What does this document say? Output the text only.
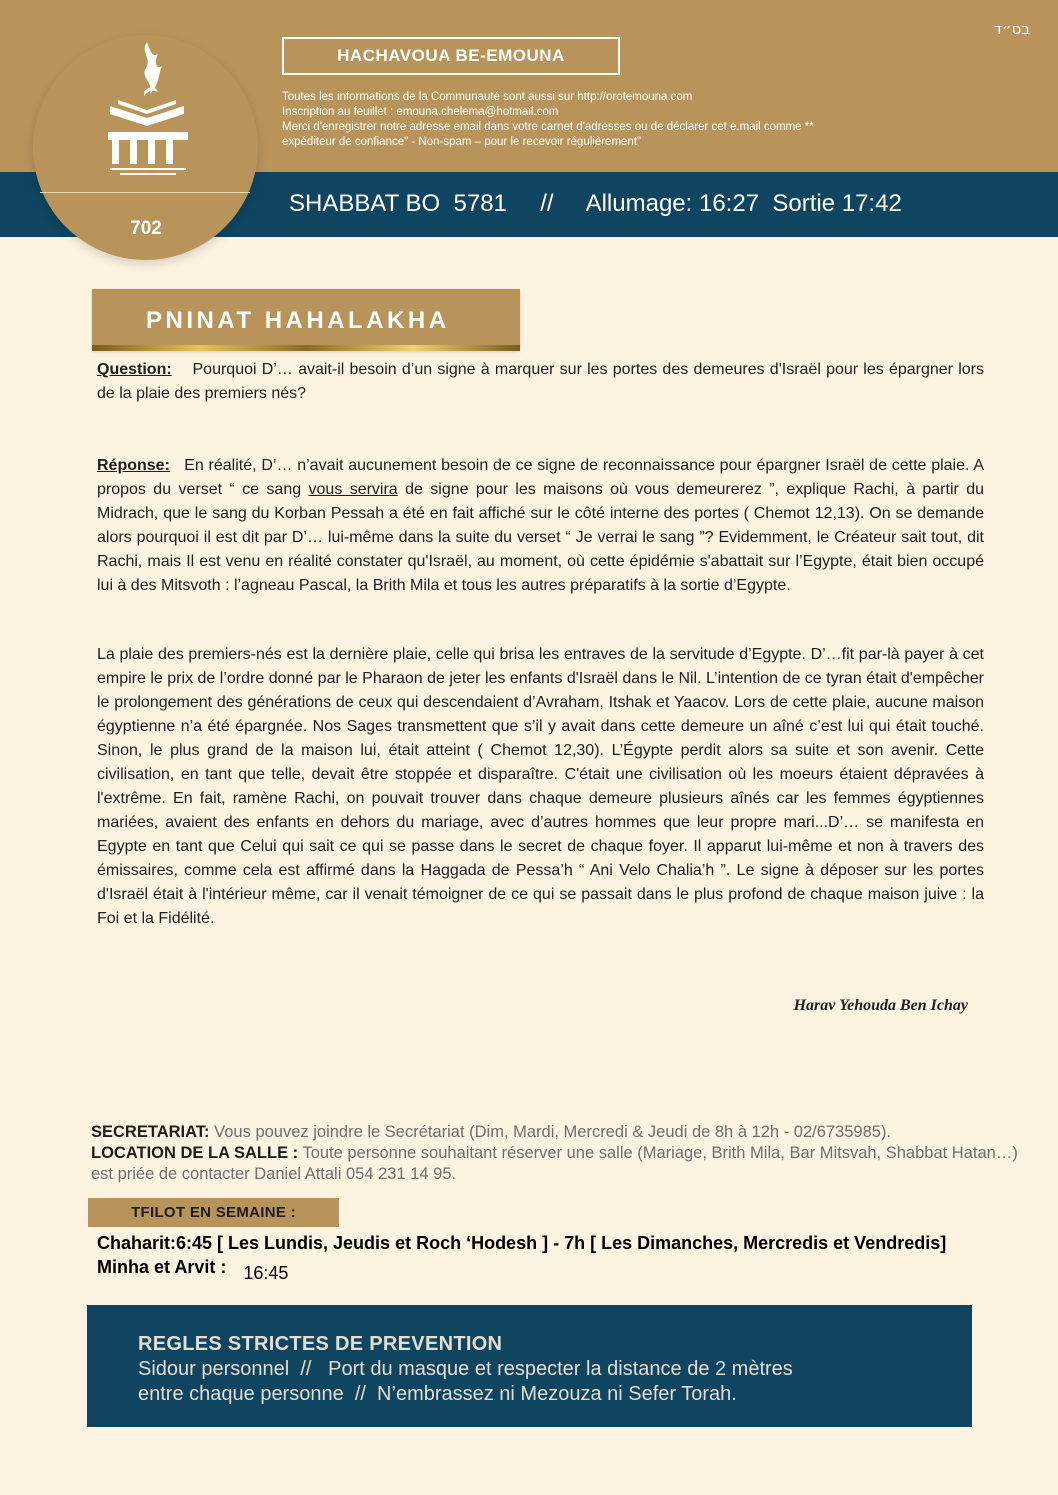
בס״ד
702
HACHAVOUA BE-EMOUNA
Toutes les informations de la Communauté sont aussi sur http://orotemouna.com
Inscription au feuillet : emouna.chelema@hotmail.com
Merci d'enregistrer notre adresse email dans votre carnet d'adresses ou de déclarer cet e.mail comme **
expéditeur de confiance" - Non-spam – pour le recevoir régulièrement"
SHABBAT BO  5781     //     Allumage: 16:27  Sortie 17:42
PNINAT HAHALAKHA
Question: Pourquoi D’… avait-il besoin d’un signe à marquer sur les portes des demeures d'Israël pour les épargner lors de la plaie des premiers nés?
Réponse: En réalité, D’… n’avait aucunement besoin de ce signe de reconnaissance pour épargner Israël de cette plaie. A propos du verset “ ce sang vous servira de signe pour les maisons où vous demeurerez ”, explique Rachi, à partir du Midrach, que le sang du Korban Pessah a été en fait affiché sur le côté interne des portes ( Chemot 12,13). On se demande alors pourquoi il est dit par D’… lui-même dans la suite du verset “ Je verrai le sang ”? Evidemment, le Créateur sait tout, dit Rachi, mais Il est venu en réalité constater qu'Israël, au moment, où cette épidémie s'abattait sur l’Egypte, était bien occupé lui à des Mitsvoth : l’agneau Pascal, la Brith Mila et tous les autres préparatifs à la sortie d’Egypte.
La plaie des premiers-nés est la dernière plaie, celle qui brisa les entraves de la servitude d’Egypte. D’…fit par-là payer à cet empire le prix de l’ordre donné par le Pharaon de jeter les enfants d'Israël dans le Nil. L’intention de ce tyran était d'empêcher le prolongement des générations de ceux qui descendaient d’Avraham, Itshak et Yaacov. Lors de cette plaie, aucune maison égyptienne n’a été épargnée. Nos Sages transmettent que s’il y avait dans cette demeure un aîné c’est lui qui était touché. Sinon, le plus grand de la maison lui, était atteint ( Chemot 12,30). L’Égypte perdit alors sa suite et son avenir. Cette civilisation, en tant que telle, devait être stoppée et disparaître. C'était une civilisation où les moeurs étaient dépravées à l'extrême. En fait, ramène Rachi, on pouvait trouver dans chaque demeure plusieurs aînés car les femmes égyptiennes mariées, avaient des enfants en dehors du mariage, avec d’autres hommes que leur propre mari...D’… se manifesta en Egypte en tant que Celui qui sait ce qui se passe dans le secret de chaque foyer. Il apparut lui-même et non à travers des émissaires, comme cela est affirmé dans la Haggada de Pessa’h “ Ani Velo Chalia’h ”. Le signe à déposer sur les portes d'Israël était à l'intérieur même, car il venait témoigner de ce qui se passait dans le plus profond de chaque maison juive : la Foi et la Fidélité.
Harav Yehouda Ben Ichay
SECRETARIAT: Vous pouvez joindre le Secrétariat (Dim, Mardi, Mercredi & Jeudi de 8h à 12h - 02/6735985).
LOCATION DE LA SALLE : Toute personne souhaitant réserver une salle (Mariage, Brith Mila, Bar Mitsvah, Shabbat Hatan…) est priée de contacter Daniel Attali 054 231 14 95.
TFILOT EN SEMAINE :
Chaharit:6:45 [ Les Lundis, Jeudis et Roch ‘Hodesh ] - 7h [ Les Dimanches, Mercredis et Vendredis]
Minha et Arvit : 16:45
REGLES STRICTES DE PREVENTION
Sidour personnel  //   Port du masque et respecter la distance de 2 mètres
entre chaque personne  //  N’embrassez ni Mezouza ni Sefer Torah.
